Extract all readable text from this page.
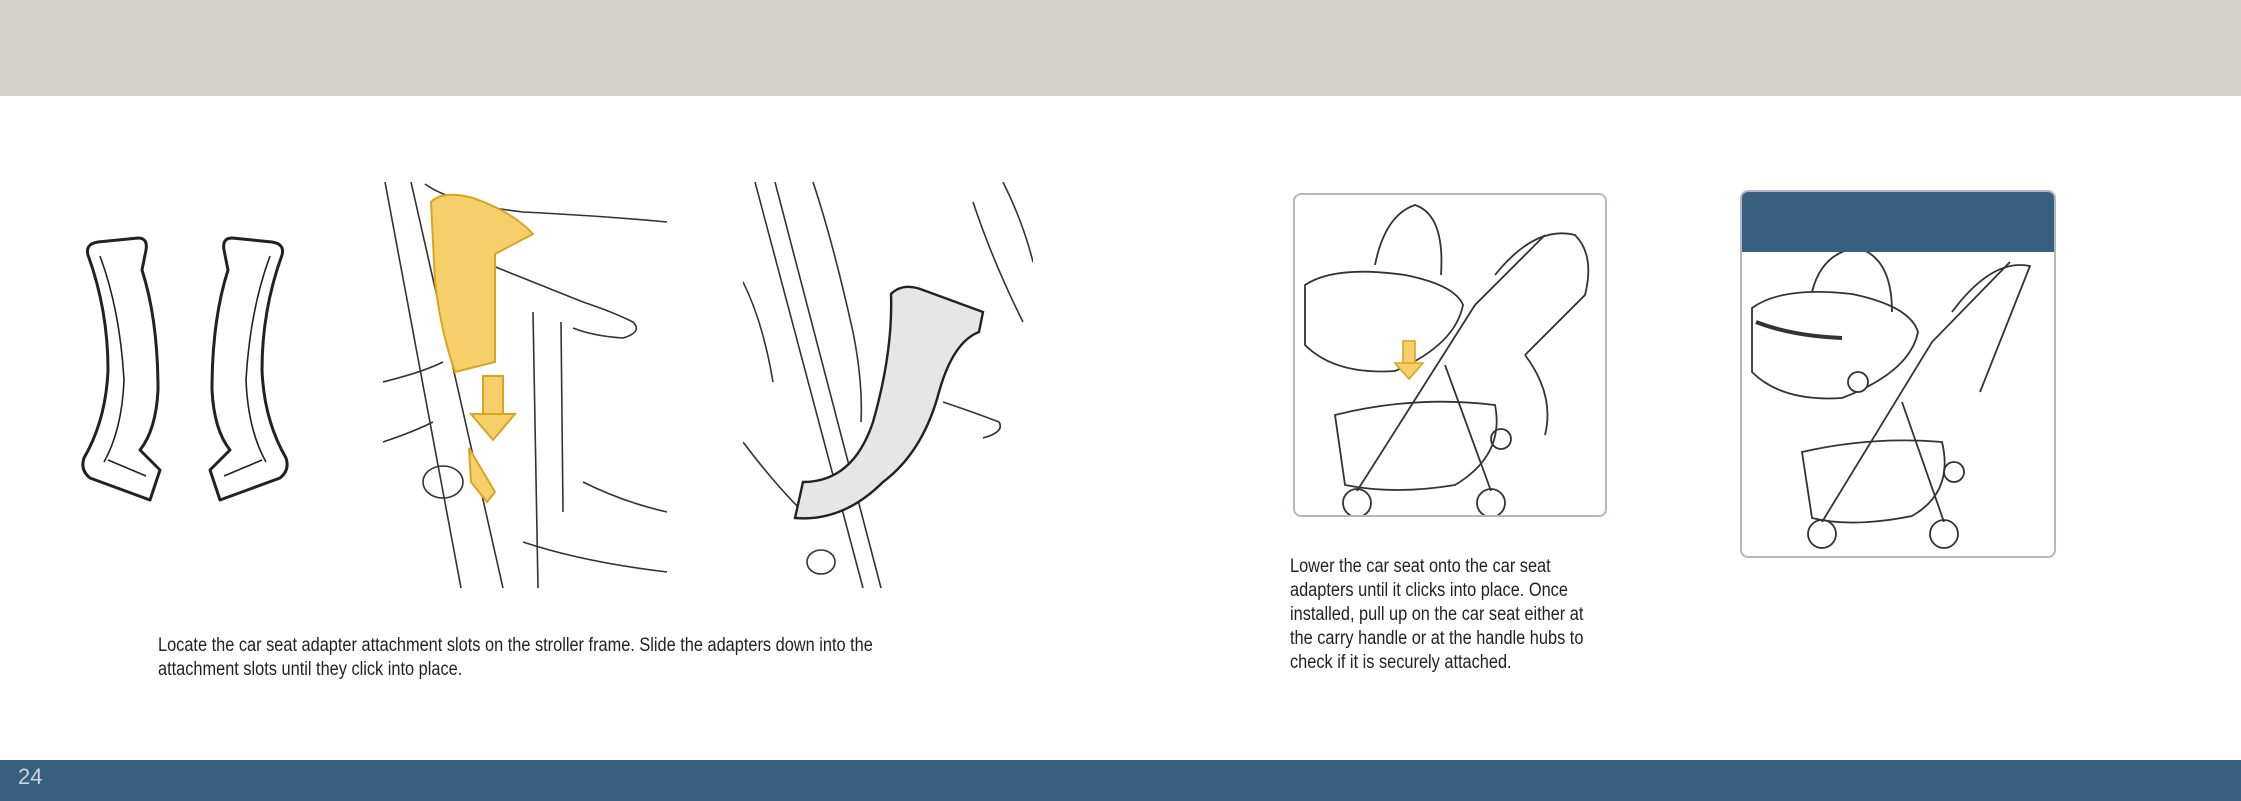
Locate the car seat adapter attachment slots on the stroller frame. Slide the adapters down into the attachment slots until they click into place.
Lower the car seat onto the car seat adapters until it clicks into place. Once installed, pull up on the car seat either at the carry handle or at the handle hubs to check if it is securely attached.
24
